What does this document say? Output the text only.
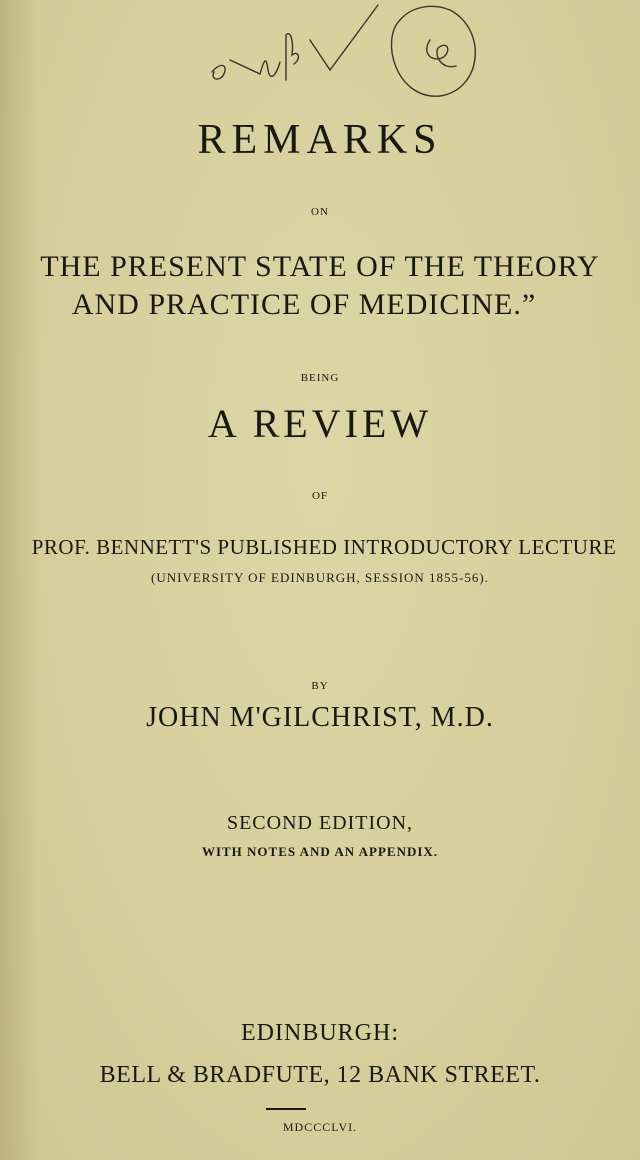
REMARKS
ON
THE PRESENT STATE OF THE THEORY
AND PRACTICE OF MEDICINE.”
BEING
A REVIEW
OF
PROF. BENNETT'S PUBLISHED INTRODUCTORY LECTURE
(UNIVERSITY OF EDINBURGH, SESSION 1855-56).
BY
JOHN M'GILCHRIST, M.D.
SECOND EDITION,
WITH NOTES AND AN APPENDIX.
EDINBURGH:
BELL & BRADFUTE, 12 BANK STREET.
MDCCCLVI.
